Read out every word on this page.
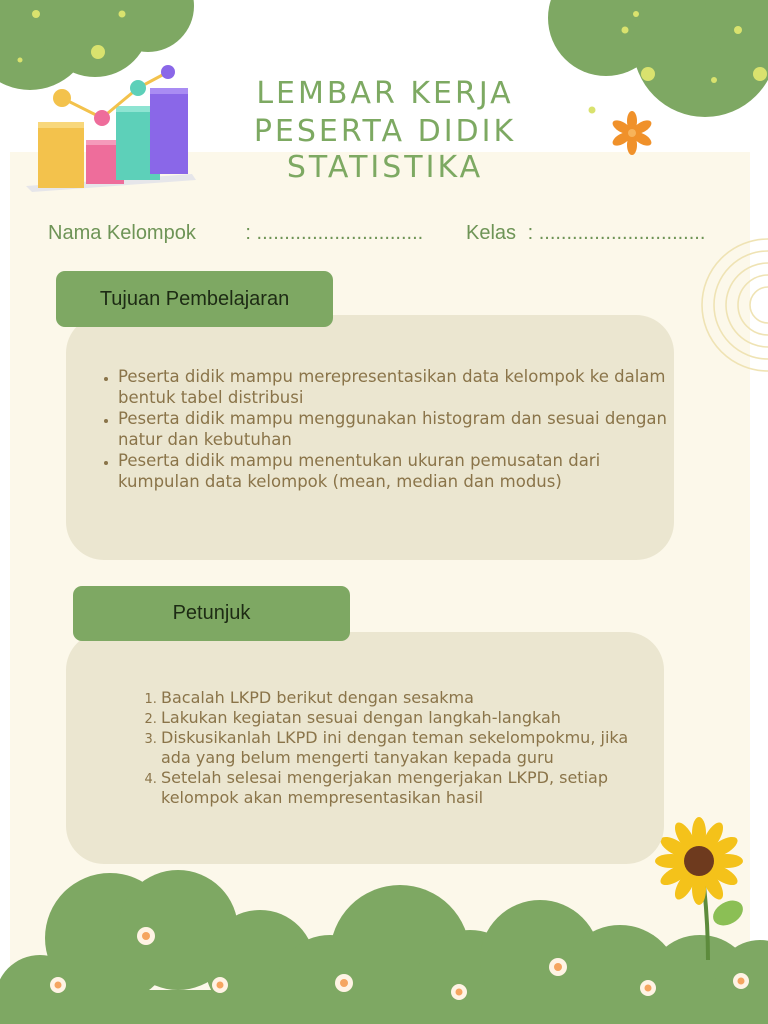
LEMBAR KERJA
PESERTA DIDIK
STATISTIKA
Nama Kelompok : .............................. Kelas : ..............................
Tujuan Pembelajaran
• Peserta didik mampu merepresentasikan data kelompok ke dalam bentuk tabel distribusi
• Peserta didik mampu menggunakan histogram dan sesuai dengan natur dan kebutuhan
• Peserta didik mampu menentukan ukuran pemusatan dari kumpulan data kelompok (mean, median dan modus)
Petunjuk
1. Bacalah LKPD berikut dengan sesakma
2. Lakukan kegiatan sesuai dengan langkah-langkah
3. Diskusikanlah LKPD ini dengan teman sekelompokmu, jika ada yang belum mengerti tanyakan kepada guru
4. Setelah selesai mengerjakan mengerjakan LKPD, setiap kelompok akan mempresentasikan hasil
